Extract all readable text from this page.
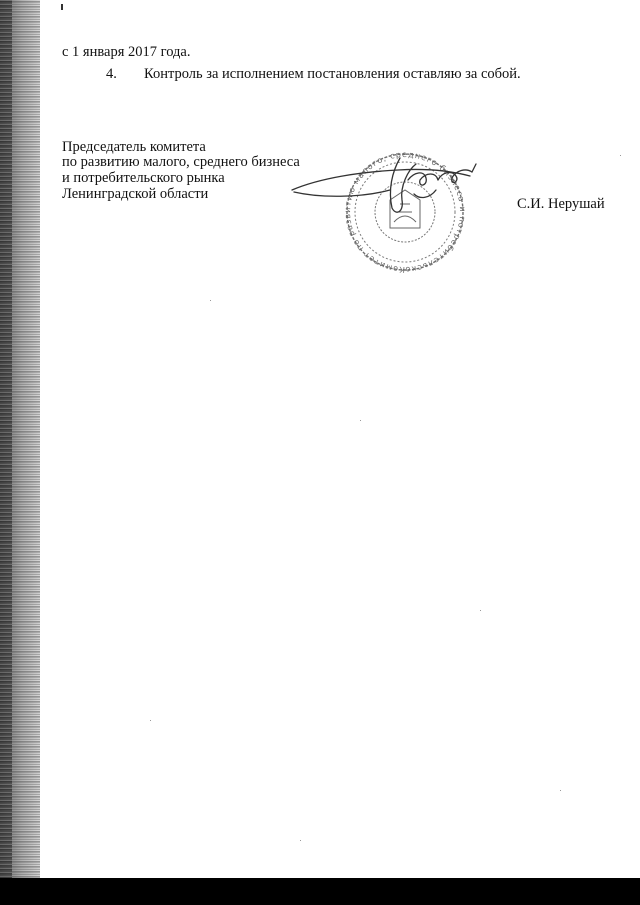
с 1 января 2017 года.
4. Контроль за исполнением постановления оставляю за собой.
Председатель комитета
по развитию малого, среднего бизнеса
и потребительского рынка
Ленинградской области
С.И. Нерушай
Комитет по развитию малого, среднего бизнеса и потребительско
